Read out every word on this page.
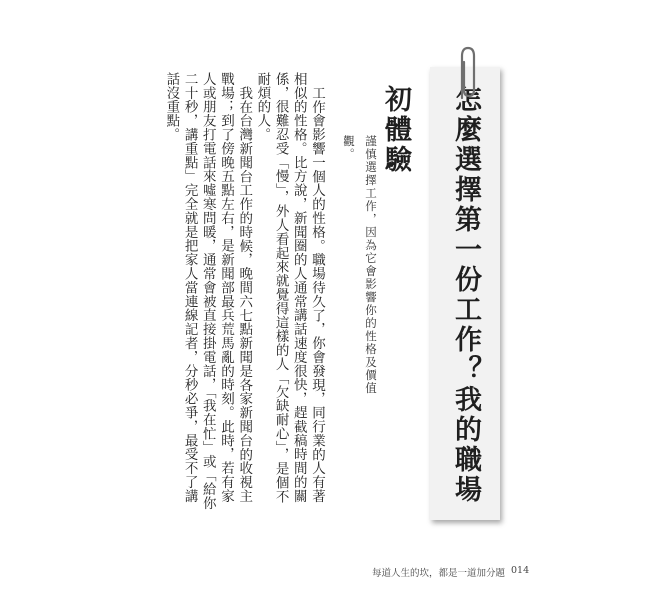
怎麼選擇第一份工作？我的職場初體驗
謹慎選擇工作，因為它會影響你的性格及價值觀。

工作會影響一個人的性格。職場待久了，你會發現，同行業的人有著相似的性格。比方說，新聞圈的人通常講話速度很快，趕截稿時間的關係，很難忍受「慢」，外人看起來就覺得這樣的人「欠缺耐心」，是個不耐煩的人。

我在台灣新聞台工作的時候，晚間六七點新聞是各家新聞台的收視主戰場；到了傍晚五點左右，是新聞部最兵荒馬亂的時刻。此時，若有家人或朋友打電話來噓寒問暖，通常會被直接掛電話，「我在忙」或「給你二十秒，講重點」完全就是把家人當連線記者，分秒必爭，最受不了講話沒重點。

每道人生的坎，都是一道加分題 014
